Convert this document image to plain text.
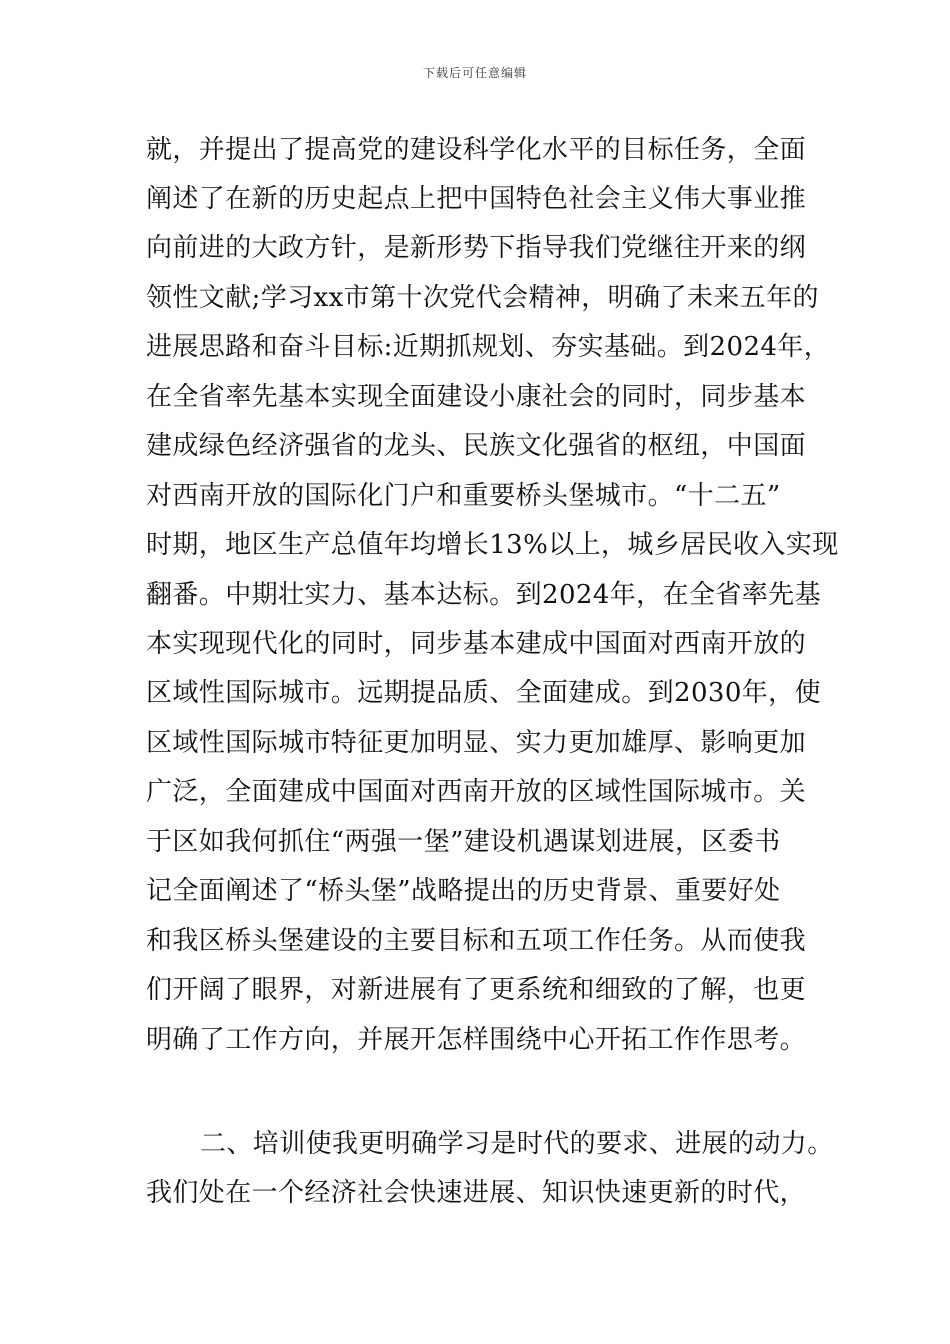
下载后可任意编辑
就，并提出了提高党的建设科学化水平的目标任务，全面
阐述了在新的历史起点上把中国特色社会主义伟大事业推
向前进的大政方针，是新形势下指导我们党继往开来的纲
领性文献;学习xx市第十次党代会精神，明确了未来五年的
进展思路和奋斗目标:近期抓规划、夯实基础。到2024年，
在全省率先基本实现全面建设小康社会的同时，同步基本
建成绿色经济强省的龙头、民族文化强省的枢纽，中国面
对西南开放的国际化门户和重要桥头堡城市。“十二五”
时期，地区生产总值年均增长13%以上，城乡居民收入实现
翻番。中期壮实力、基本达标。到2024年，在全省率先基
本实现现代化的同时，同步基本建成中国面对西南开放的
区域性国际城市。远期提品质、全面建成。到2030年，使
区域性国际城市特征更加明显、实力更加雄厚、影响更加
广泛，全面建成中国面对西南开放的区域性国际城市。关
于区如我何抓住“两强一堡”建设机遇谋划进展，区委书
记全面阐述了“桥头堡”战略提出的历史背景、重要好处
和我区桥头堡建设的主要目标和五项工作任务。从而使我
们开阔了眼界，对新进展有了更系统和细致的了解，也更
明确了工作方向，并展开怎样围绕中心开拓工作作思考。
二、培训使我更明确学习是时代的要求、进展的动力。
我们处在一个经济社会快速进展、知识快速更新的时代，
